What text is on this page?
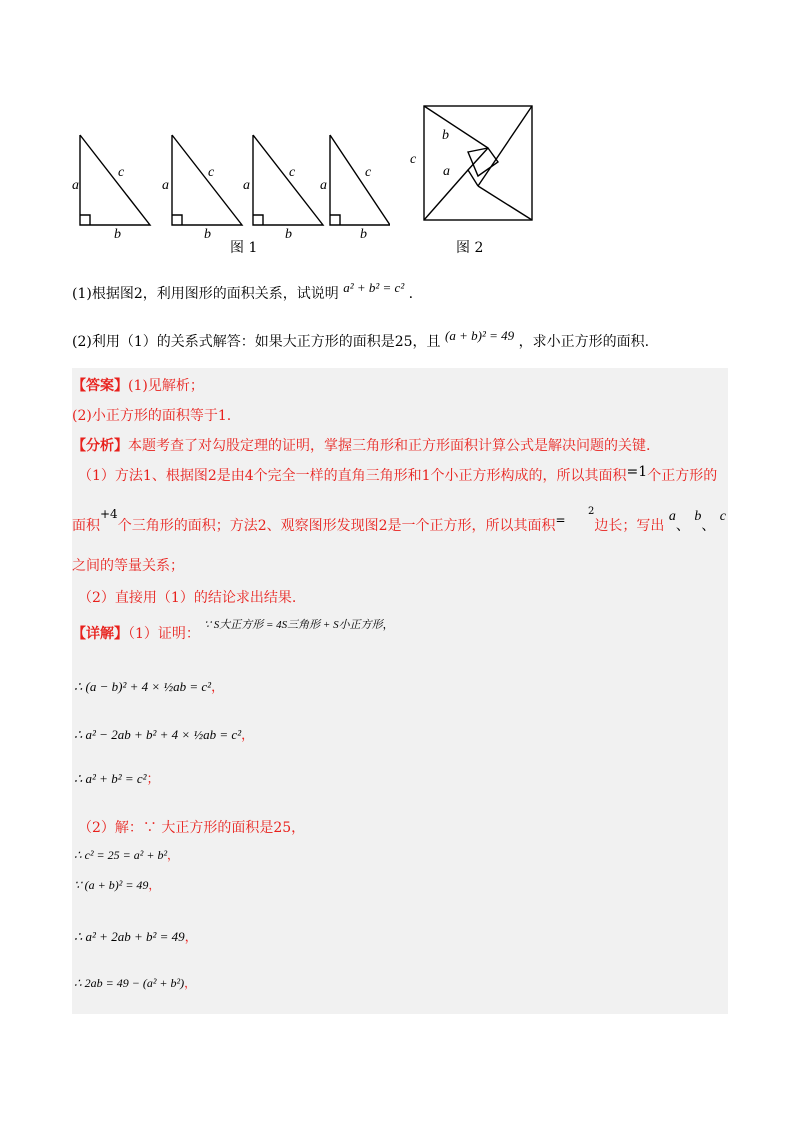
a
c
b
a
c
b
a
c
b
a
c
b
图 1
c
b
a
图 2
(1)根据图2，利用图形的面积关系，试说明 a² + b² = c² .
(2)利用（1）的关系式解答：如果大正方形的面积是25，且 (a + b)² = 49 ，求小正方形的面积.
【答案】(1)见解析；
(2)小正方形的面积等于1.
【分析】本题考查了对勾股定理的证明，掌握三角形和正方形面积计算公式是解决问题的关键.
（1）方法1、根据图2是由4个完全一样的直角三角形和1个小正方形构成的，所以其面积=1个正方形的
面积+4个三角形的面积；方法2、观察图形发现图2是一个正方形，所以其面积= $^2$边长；写出 a、 b、 c
之间的等量关系；
（2）直接用（1）的结论求出结果.
【详解】（1）证明：
∵ S大正方形 = 4S三角形 + S小正方形，
∴ (a − b)² + 4 × ½ab = c²，
∴ a² − 2ab + b² + 4 × ½ab = c²，
∴ a² + b² = c²；
（2）解：∵ 大正方形的面积是25，
∴ c² = 25 = a² + b²，
∵ (a + b)² = 49，
∴ a² + 2ab + b² = 49，
∴ 2ab = 49 − (a² + b²)，
